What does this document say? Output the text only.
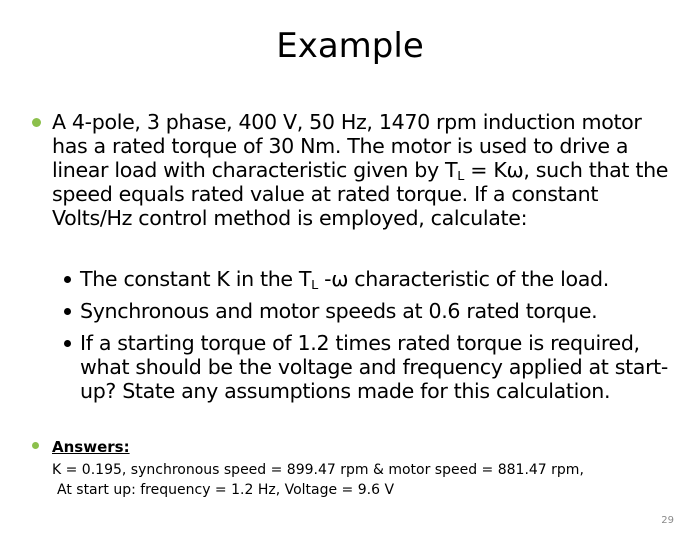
Example
A 4-pole, 3 phase, 400 V, 50 Hz, 1470 rpm induction motor has a rated torque of 30 Nm. The motor is used to drive a linear load with characteristic given by $T_L = K\omega$, such that the speed equals rated value at rated torque. If a constant Volts/Hz control method is employed, calculate:
The constant K in the $T_L$ -ω characteristic of the load.
Synchronous and motor speeds at 0.6 rated torque.
If a starting torque of 1.2 times rated torque is required, what should be the voltage and frequency applied at start-up? State any assumptions made for this calculation.
Answers:
K = 0.195, synchronous speed = 899.47 rpm & motor speed = 881.47 rpm,
At start up: frequency = 1.2 Hz, Voltage = 9.6 V
29
